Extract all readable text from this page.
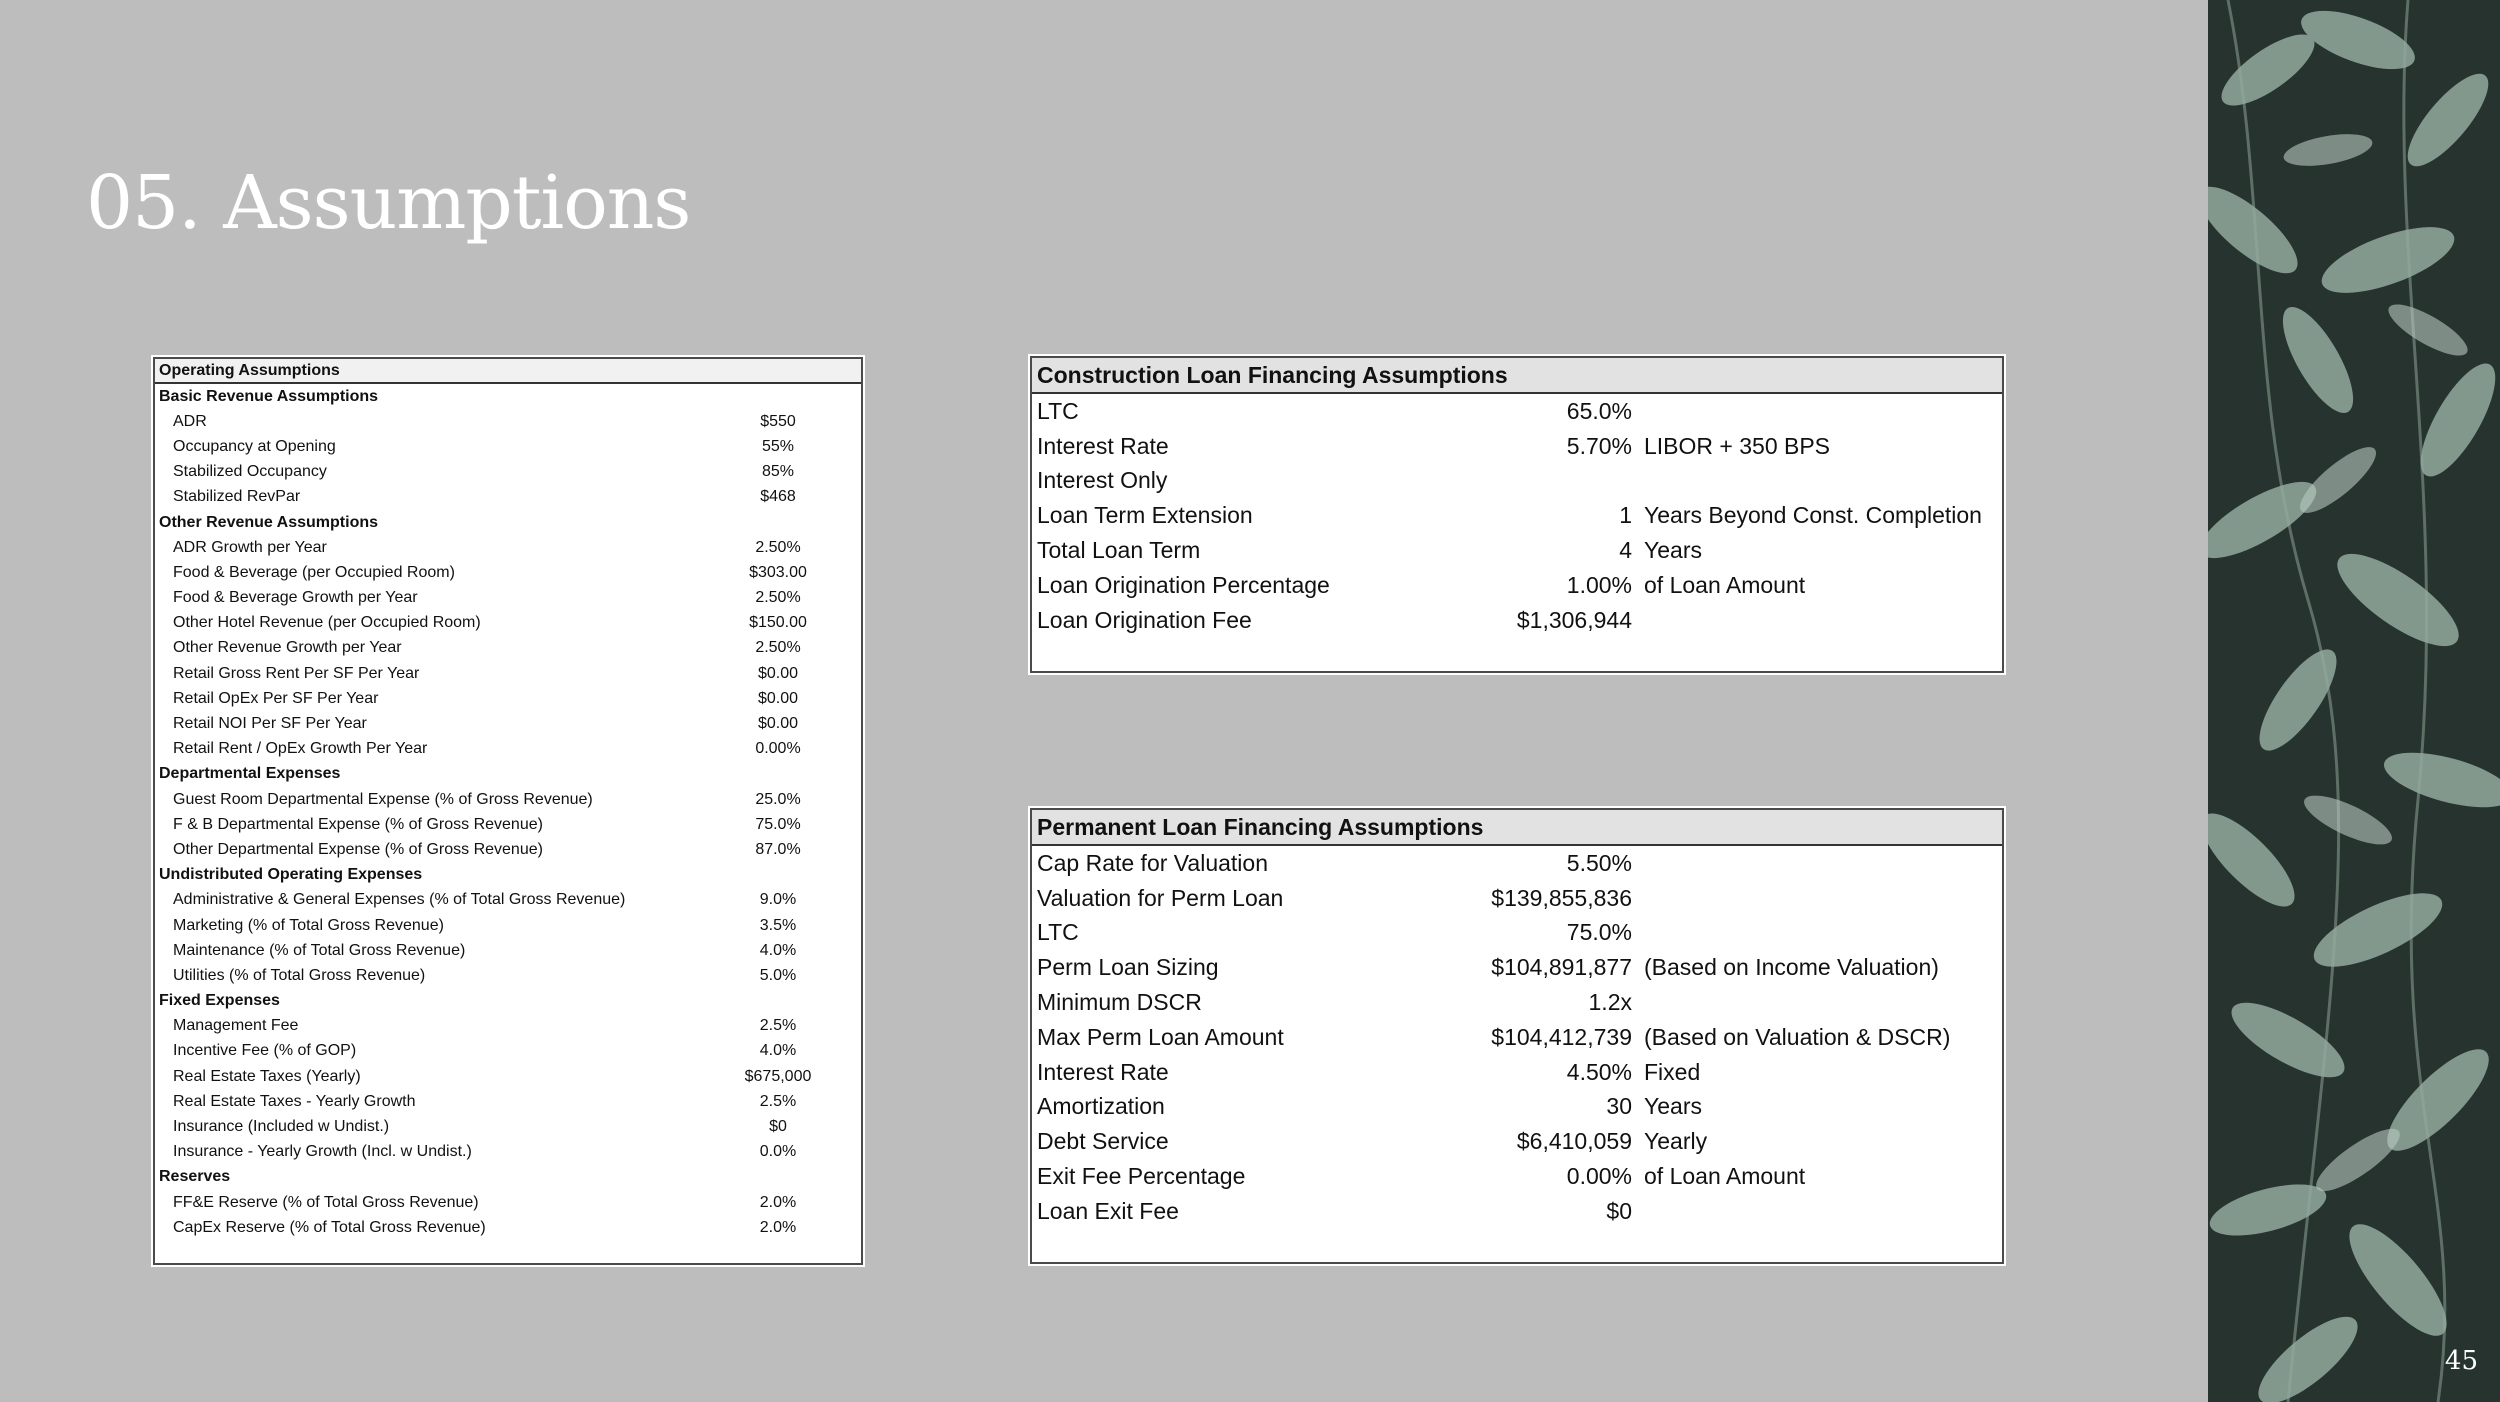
05. Assumptions
Operating Assumptions	
Basic Revenue Assumptions	
ADR	$550
Occupancy at Opening	55%
Stabilized Occupancy	85%
Stabilized RevPar	$468
Other Revenue Assumptions	
ADR Growth per Year	2.50%
Food & Beverage (per Occupied Room)	$303.00
Food & Beverage Growth per Year	2.50%
Other Hotel Revenue (per Occupied Room)	$150.00
Other Revenue Growth per Year	2.50%
Retail Gross Rent Per SF Per Year	$0.00
Retail OpEx Per SF Per Year	$0.00
Retail NOI Per SF Per Year	$0.00
Retail Rent / OpEx Growth Per Year	0.00%
Departmental Expenses	
Guest Room Departmental Expense (% of Gross Revenue)	25.0%
F & B Departmental Expense (% of Gross Revenue)	75.0%
Other Departmental Expense (% of Gross Revenue)	87.0%
Undistributed Operating Expenses	
Administrative & General Expenses (% of Total Gross Revenue)	9.0%
Marketing (% of Total Gross Revenue)	3.5%
Maintenance (% of Total Gross Revenue)	4.0%
Utilities (% of Total Gross Revenue)	5.0%
Fixed Expenses	
Management Fee	2.5%
Incentive Fee (% of GOP)	4.0%
Real Estate Taxes (Yearly)	$675,000
Real Estate Taxes - Yearly Growth	2.5%
Insurance (Included w Undist.)	$0
Insurance - Yearly Growth (Incl. w Undist.)	0.0%
Reserves	
FF&E Reserve (% of Total Gross Revenue)	2.0%
CapEx Reserve (% of Total Gross Revenue)	2.0%
Construction Loan Financing Assumptions		
LTC	65.0%	
Interest Rate	5.70%	LIBOR + 350 BPS
Interest Only		
Loan Term Extension	1	Years Beyond Const. Completion
Total Loan Term	4	Years
Loan Origination Percentage	1.00%	of Loan Amount
Loan Origination Fee	$1,306,944	
Permanent Loan Financing Assumptions		
Cap Rate for Valuation	5.50%	
Valuation for Perm Loan	$139,855,836	
LTC	75.0%	
Perm Loan Sizing	$104,891,877	(Based on Income Valuation)
Minimum DSCR	1.2x	
Max Perm Loan Amount	$104,412,739	(Based on Valuation & DSCR)
Interest Rate	4.50%	Fixed
Amortization	30	Years
Debt Service	$6,410,059	Yearly
Exit Fee Percentage	0.00%	of Loan Amount
Loan Exit Fee	$0	
45
